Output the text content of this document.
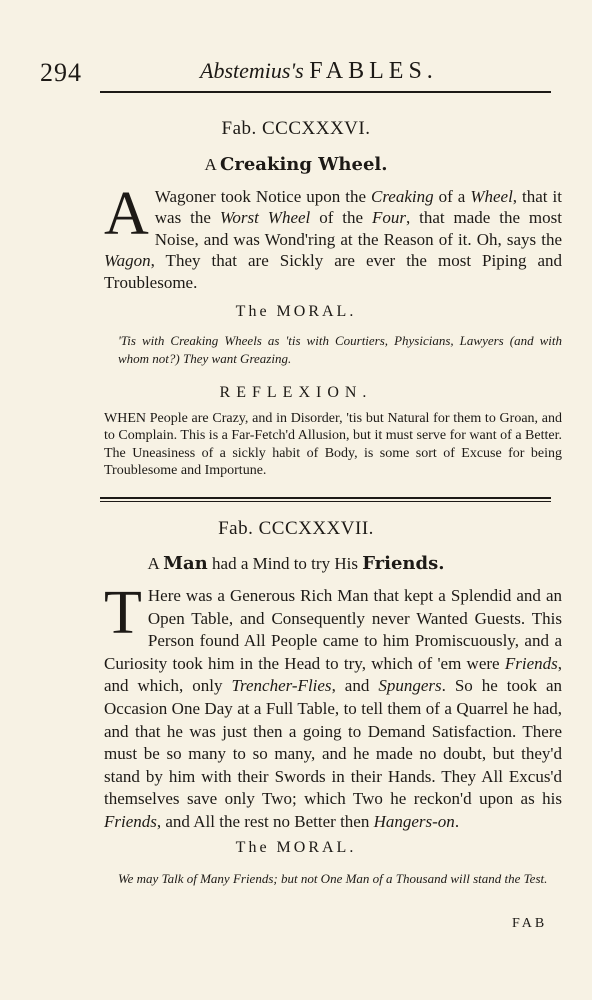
294	Abstemius's FABLES.
Fab. CCCXXXVI.
A Creaking Wheel.
A Wagoner took Notice upon the Creaking of a Wheel, that it was the Worst Wheel of the Four, that made the most Noise, and was Wond'ring at the Reason of it. Oh, says the Wagon, They that are Sickly are ever the most Piping and Troublesome.

The MORAL.
'Tis with Creaking Wheels as 'tis with Courtiers, Physicians, Lawyers (and with whom not?) They want Greazing.
REFLEXION.
WHEN People are Crazy, and in Disorder, 'tis but Natural for them to Groan, and to Complain. This is a Far-Fetch'd Allusion, but it must serve for want of a Better. The Uneasiness of a sickly habit of Body, is some sort of Excuse for being Troublesome and Importune.
Fab. CCCXXXVII.
A Man had a Mind to try His Friends.
T Here was a Generous Rich Man that kept a Splendid and an Open Table, and Consequently never Wanted Guests. This Person found All People came to him Promiscuously, and a Curiosity took him in the Head to try, which of 'em were Friends, and which, only Trencher-Flies, and Spungers. So he took an Occasion One Day at a Full Table, to tell them of a Quarrel he had, and that he was just then a going to Demand Satisfaction. There must be so many to so many, and he made no doubt, but they'd stand by him with their Swords in their Hands. They All Excus'd themselves save only Two; which Two he reckon'd upon as his Friends, and All the rest no Better then Hangers-on.

The MORAL.
We may Talk of Many Friends; but not One Man of a Thousand will stand the Test.
FAB
